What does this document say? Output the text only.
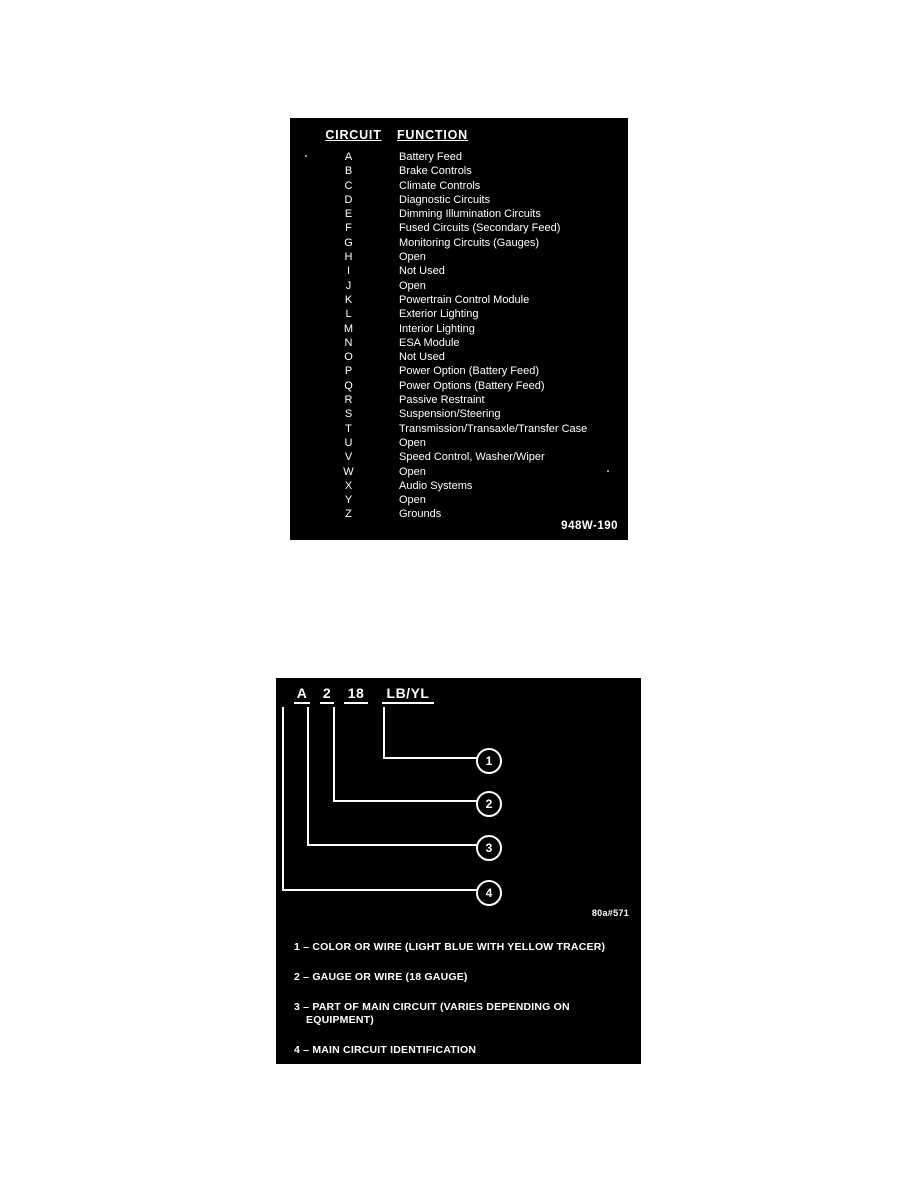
CIRCUIT	FUNCTION
A	Battery Feed
B	Brake Controls
C	Climate Controls
D	Diagnostic Circuits
E	Dimming Illumination Circuits
F	Fused Circuits (Secondary Feed)
G	Monitoring Circuits (Gauges)
H	Open
I	Not Used
J	Open
K	Powertrain Control Module
L	Exterior Lighting
M	Interior Lighting
N	ESA Module
O	Not Used
P	Power Option (Battery Feed)
Q	Power Options (Battery Feed)
R	Passive Restraint
S	Suspension/Steering
T	Transmission/Transaxle/Transfer Case
U	Open
V	Speed Control, Washer/Wiper
W	Open
X	Audio Systems
Y	Open
Z	Grounds
948W-190
A 2 18	LB/YL
1
2
3
4
80a#571
1 – COLOR OR WIRE (LIGHT BLUE WITH YELLOW TRACER)
2 – GAUGE OR WIRE (18 GAUGE)
3 – PART OF MAIN CIRCUIT (VARIES DEPENDING ON
EQUIPMENT)
4 – MAIN CIRCUIT IDENTIFICATION
